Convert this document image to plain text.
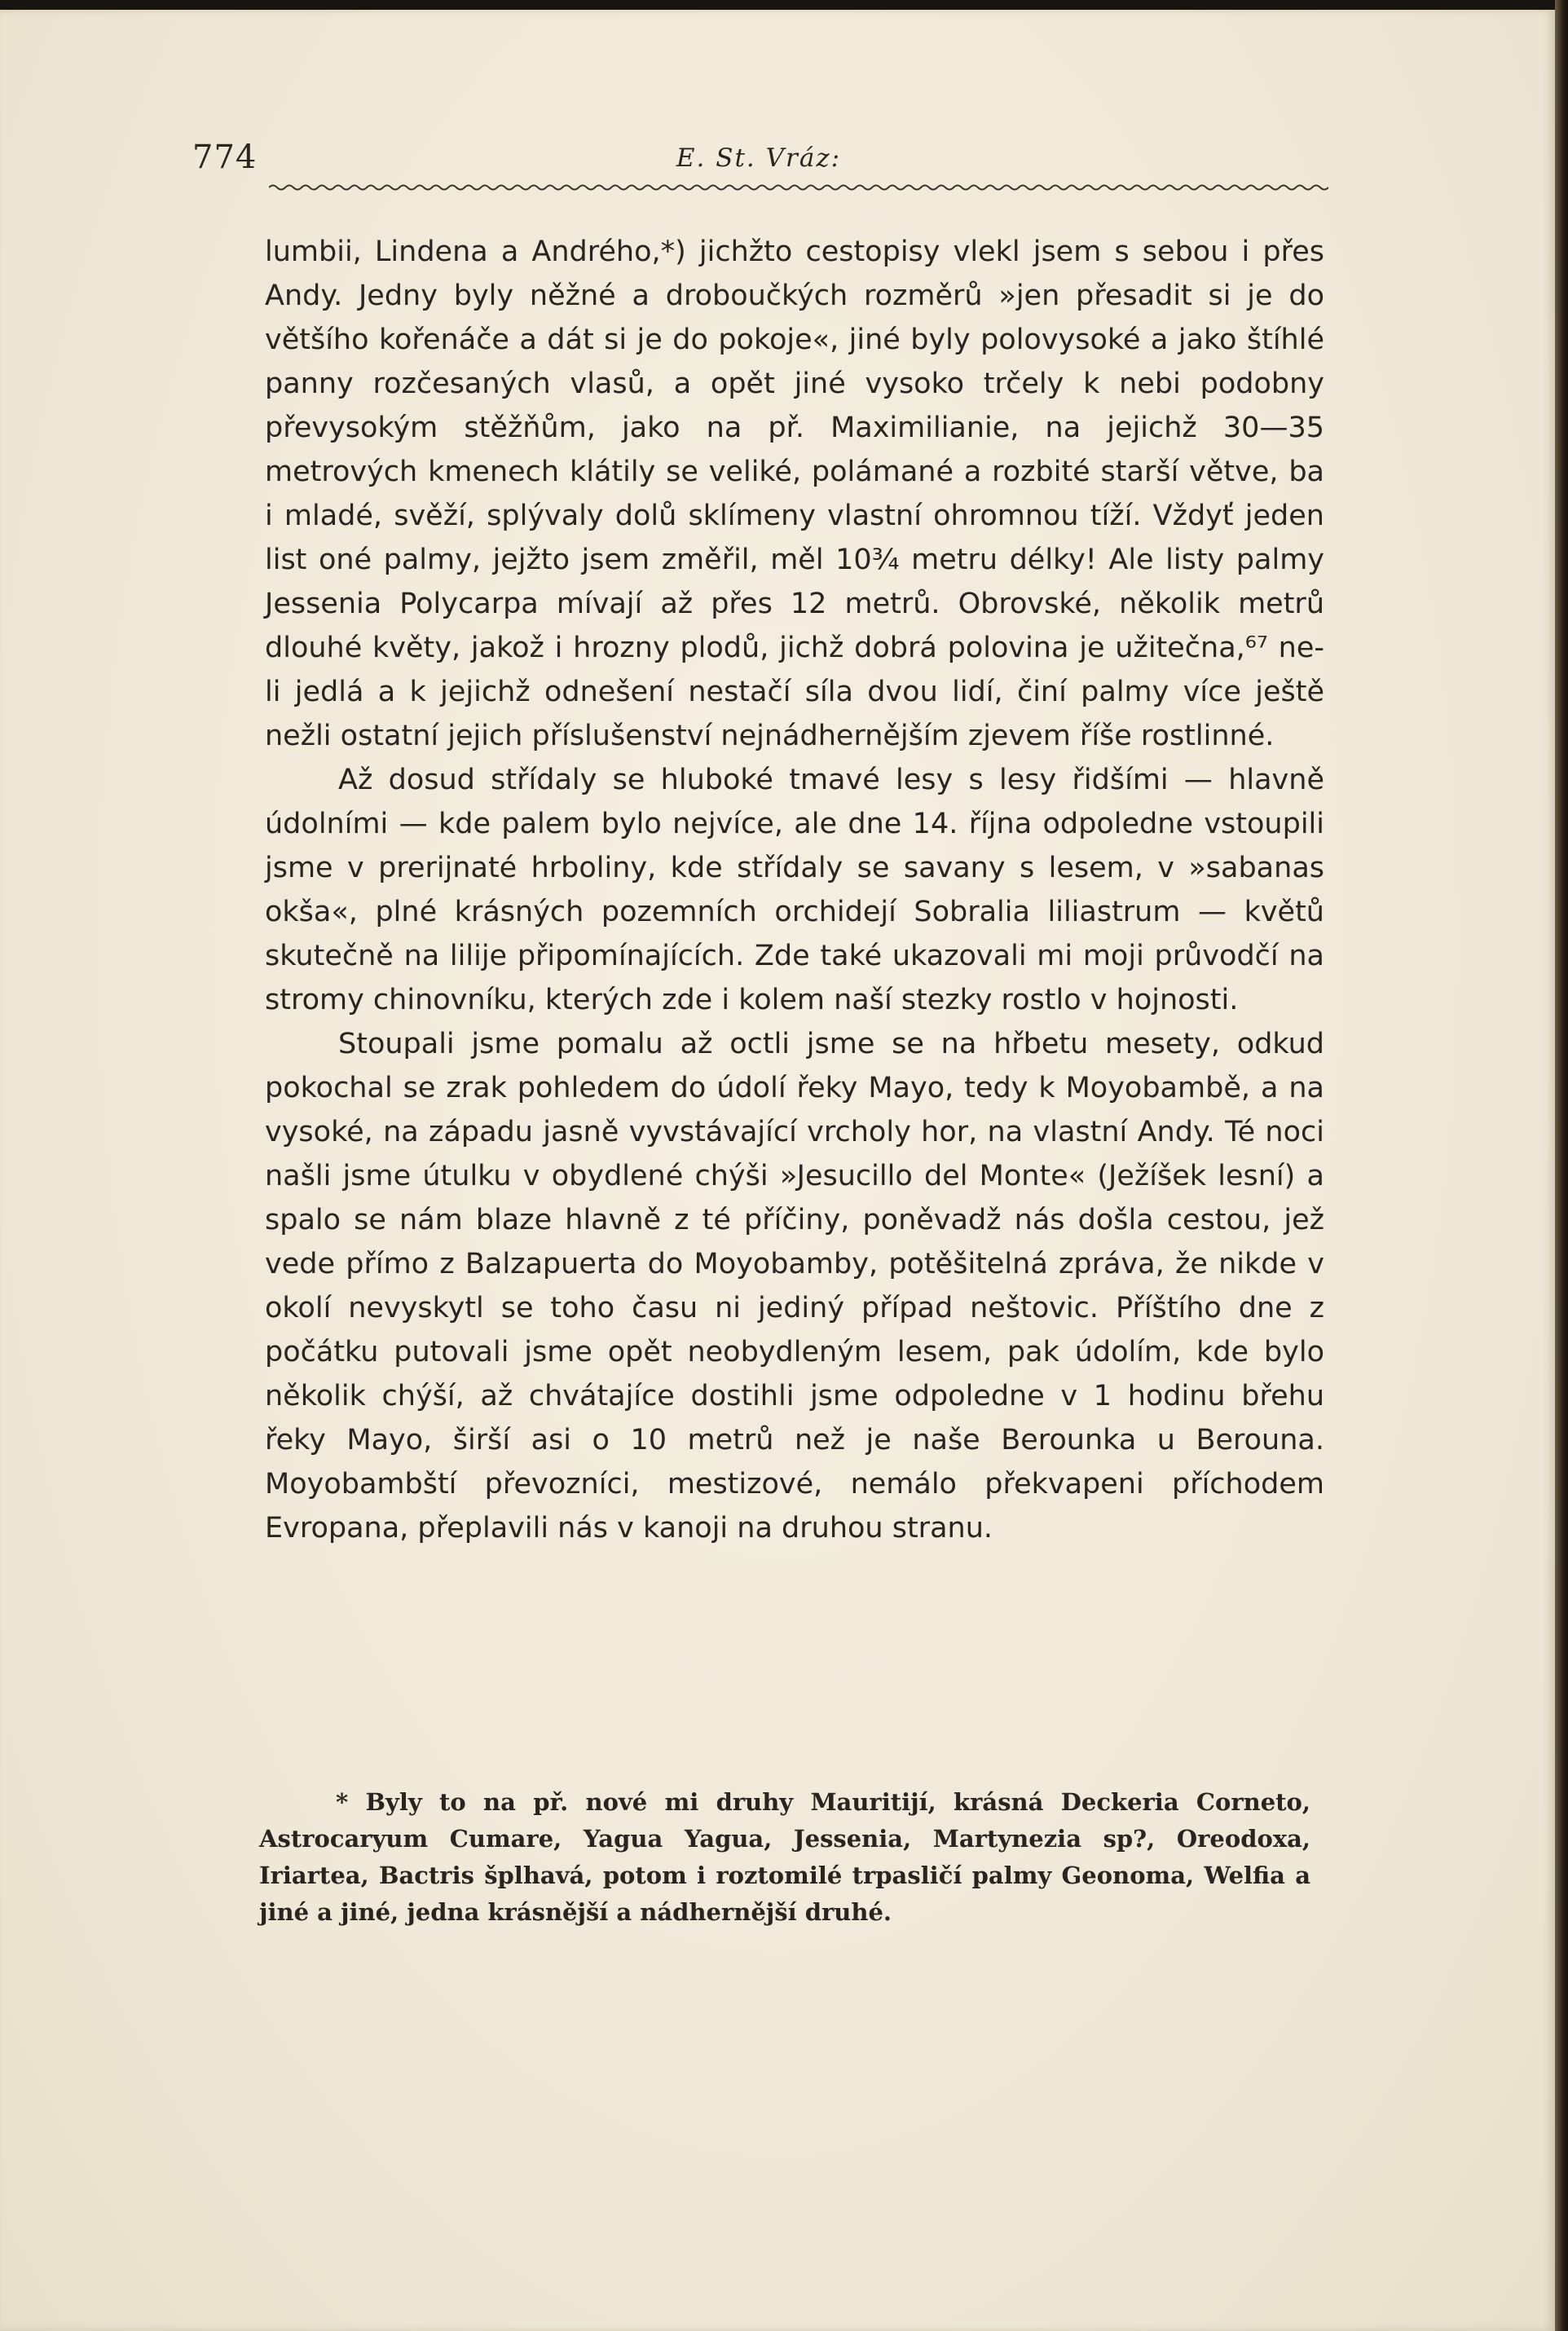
774	E. St. Vráz:

lumbii, Lindena a Andrého,*) jichžto cestopisy vlekl jsem s sebou i přes Andy. Jedny byly něžné a droboučkých rozměrů »jen přesadit si je do většího kořenáče a dát si je do pokoje«, jiné byly polovysoké a jako štíhlé panny rozčesaných vlasů, a opět jiné vysoko trčely k nebi podobny převysokým stěžňům, jako na př. Maximilianie, na jejichž 30—35 metrových kmenech klátily se veliké, polámané a rozbité starší větve, ba i mladé, svěží, splývaly dolů sklímeny vlastní ohromnou tíží. Vždyť jeden list oné palmy, jejžto jsem změřil, měl 10¾ metru délky! Ale listy palmy Jessenia Polycarpa mívají až přes 12 metrů. Obrovské, několik metrů dlouhé květy, jakož i hrozny plodů, jichž dobrá polovina je užitečna,⁶⁷ ne-li jedlá a k jejichž odnešení nestačí síla dvou lidí, činí palmy více ještě nežli ostatní jejich příslušenství nejnádhernějším zjevem říše rostlinné.

Až dosud střídaly se hluboké tmavé lesy s lesy řidšími — hlavně údolními — kde palem bylo nejvíce, ale dne 14. října odpoledne vstoupili jsme v prerijnaté hrboliny, kde střídaly se savany s lesem, v »sabanas okša«, plné krásných pozemních orchidejí Sobralia liliastrum — květů skutečně na lilije připomínajících. Zde také ukazovali mi moji průvodčí na stromy chinovníku, kterých zde i kolem naší stezky rostlo v hojnosti.

Stoupali jsme pomalu až octli jsme se na hřbetu mesety, odkud pokochal se zrak pohledem do údolí řeky Mayo, tedy k Moyobambě, a na vysoké, na západu jasně vyvstávající vrcholy hor, na vlastní Andy. Té noci našli jsme útulku v obydlené chýši »Jesucillo del Monte« (Ježíšek lesní) a spalo se nám blaze hlavně z té příčiny, poněvadž nás došla cestou, jež vede přímo z Balzapuerta do Moyobamby, potěšitelná zpráva, že nikde v okolí nevyskytl se toho času ni jediný případ neštovic. Příštího dne z počátku putovali jsme opět neobydleným lesem, pak údolím, kde bylo několik chýší, až chvátajíce dostihli jsme odpoledne v 1 hodinu břehu řeky Mayo, širší asi o 10 metrů než je naše Berounka u Berouna. Moyobambští převozníci, mestizové, nemálo překvapeni příchodem Evropana, přeplavili nás v kanoji na druhou stranu.

* Byly to na př. nové mi druhy Mauritijí, krásná Deckeria Corneto, Astrocaryum Cumare, Yagua Yagua, Jessenia, Martynezia sp?, Oreodoxa, Iriartea, Bactris šplhavá, potom i roztomilé trpasličí palmy Geonoma, Welfia a jiné a jiné, jedna krásnější a nádhernější druhé.
